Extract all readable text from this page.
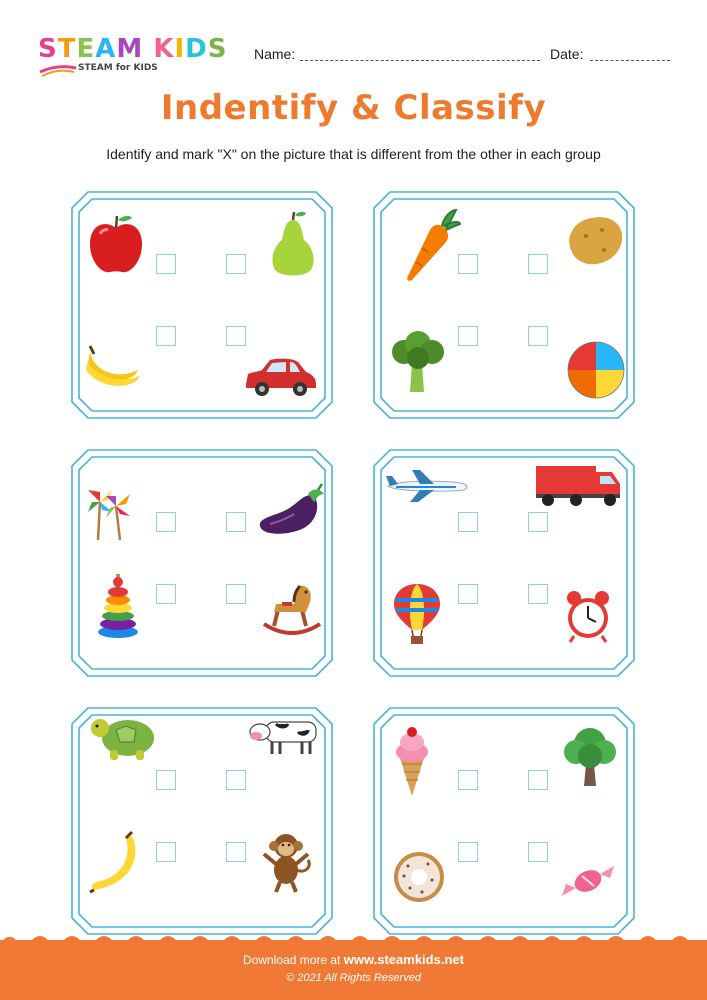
STEAM KIDS
STEAM for KIDS
Name:	Date:
Indentify & Classify
Identify and mark "X" on the picture that is different from the other in each group
Download more at www.steamkids.net
© 2021 All Rights Reserved
